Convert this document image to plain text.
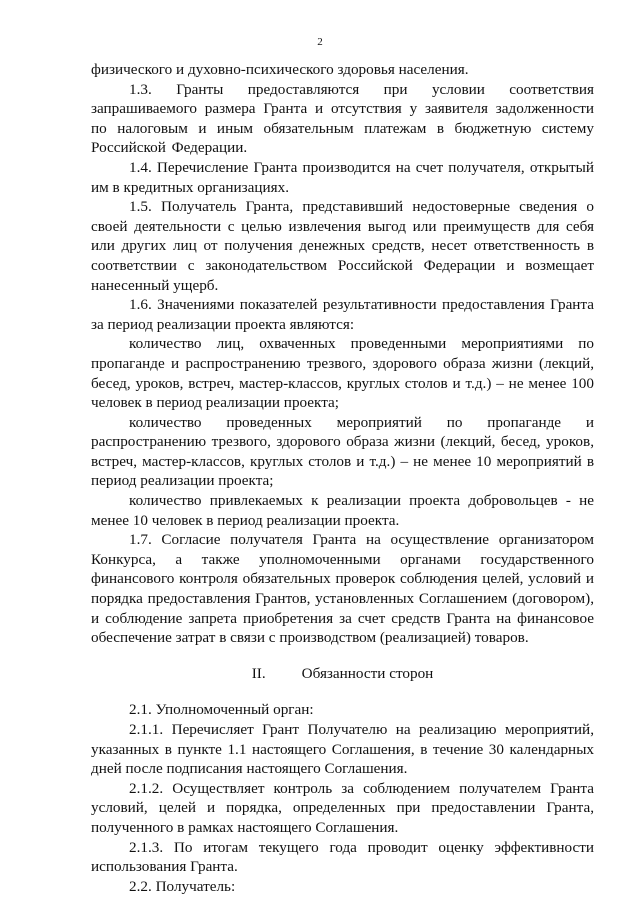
2

физического и духовно-психического здоровья населения.

1.3. Гранты предоставляются при условии соответствия запрашиваемого размера Гранта и отсутствия у заявителя задолженности по налоговым и иным обязательным платежам в бюджетную систему Российской Федерации.

1.4. Перечисление Гранта производится на счет получателя, открытый им в кредитных организациях.

1.5. Получатель Гранта, представивший недостоверные сведения о своей деятельности с целью извлечения выгод или преимуществ для себя или других лиц от получения денежных средств, несет ответственность в соответствии с законодательством Российской Федерации и возмещает нанесенный ущерб.

1.6. Значениями показателей результативности предоставления Гранта за период реализации проекта являются:

количество лиц, охваченных проведенными мероприятиями по пропаганде и распространению трезвого, здорового образа жизни (лекций, бесед, уроков, встреч, мастер-классов, круглых столов и т.д.) – не менее 100 человек в период реализации проекта;

количество проведенных мероприятий по пропаганде и распространению трезвого, здорового образа жизни (лекций, бесед, уроков, встреч, мастер-классов, круглых столов и т.д.) – не менее 10 мероприятий в период реализации проекта;

количество привлекаемых к реализации проекта добровольцев - не менее 10 человек в период реализации проекта.

1.7. Согласие получателя Гранта на осуществление организатором Конкурса, а также уполномоченными органами государственного финансового контроля обязательных проверок соблюдения целей, условий и порядка предоставления Грантов, установленных Соглашением (договором), и соблюдение запрета приобретения за счет средств Гранта на финансовое обеспечение затрат в связи с производством (реализацией) товаров.

II. Обязанности сторон

2.1. Уполномоченный орган:

2.1.1. Перечисляет Грант Получателю на реализацию мероприятий, указанных в пункте 1.1 настоящего Соглашения, в течение 30 календарных дней после подписания настоящего Соглашения.

2.1.2. Осуществляет контроль за соблюдением получателем Гранта условий, целей и порядка, определенных при предоставлении Гранта, полученного в рамках настоящего Соглашения.

2.1.3. По итогам текущего года проводит оценку эффективности использования Гранта.

2.2. Получатель:
